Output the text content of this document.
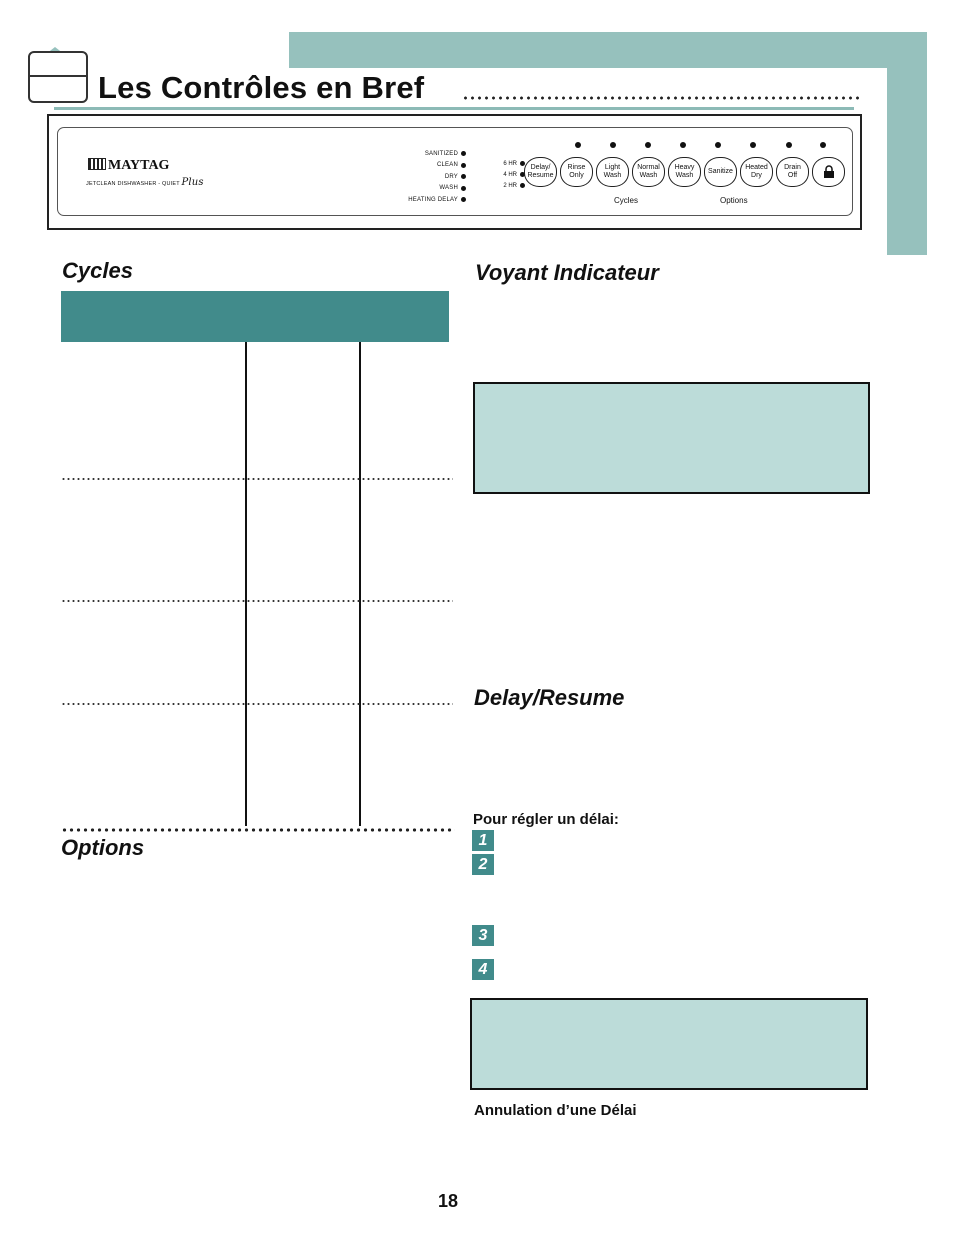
Les Contrôles en Bref
MAYTAG
JETCLEAN DISHWASHER - QUIET Plus
SANITIZED
CLEAN
DRY
WASH
HEATING DELAY
6 HR
4 HR
2 HR
Delay/
Resume
Rinse
Only
Light
Wash
Normal
Wash
Heavy
Wash
Sanitize
Heated
Dry
Drain
Off
Cycles	Options
Cycles
Options
Voyant Indicateur
Delay/Resume
Pour régler un délai:
1
2
3
4
Annulation d’une Délai
18
